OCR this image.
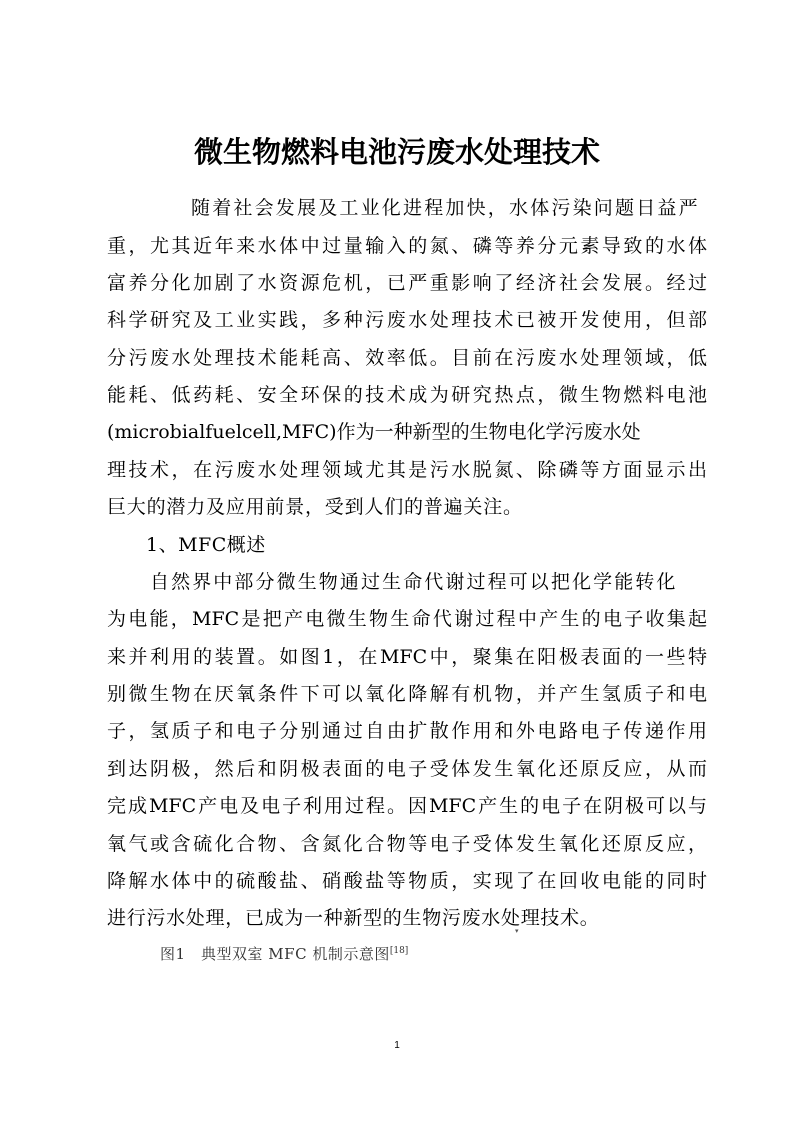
微生物燃料电池污废水处理技术
随着社会发展及工业化进程加快，水体污染问题日益严
重，尤其近年来水体中过量输入的氮、磷等养分元素导致的水体
富养分化加剧了水资源危机，已严重影响了经济社会发展。经过
科学研究及工业实践，多种污废水处理技术已被开发使用，但部
分污废水处理技术能耗高、效率低。目前在污废水处理领域，低
能耗、低药耗、安全环保的技术成为研究热点，微生物燃料电池
(microbialfuelcell,MFC)作为一种新型的生物电化学污废水处
理技术，在污废水处理领域尤其是污水脱氮、除磷等方面显示出
巨大的潜力及应用前景，受到人们的普遍关注。
1、MFC概述
自然界中部分微生物通过生命代谢过程可以把化学能转化
为电能，MFC是把产电微生物生命代谢过程中产生的电子收集起
来并利用的装置。如图1，在MFC中，聚集在阳极表面的一些特
别微生物在厌氧条件下可以氧化降解有机物，并产生氢质子和电
子，氢质子和电子分别通过自由扩散作用和外电路电子传递作用
到达阴极，然后和阴极表面的电子受体发生氧化还原反应，从而
完成MFC产电及电子利用过程。因MFC产生的电子在阴极可以与
氧气或含硫化合物、含氮化合物等电子受体发生氧化还原反应，
降解水体中的硫酸盐、硝酸盐等物质，实现了在回收电能的同时
进行污水处理，已成为一种新型的生物污废水处理技术。
▾
图1　典型双室 MFC 机制示意图[18]
1
